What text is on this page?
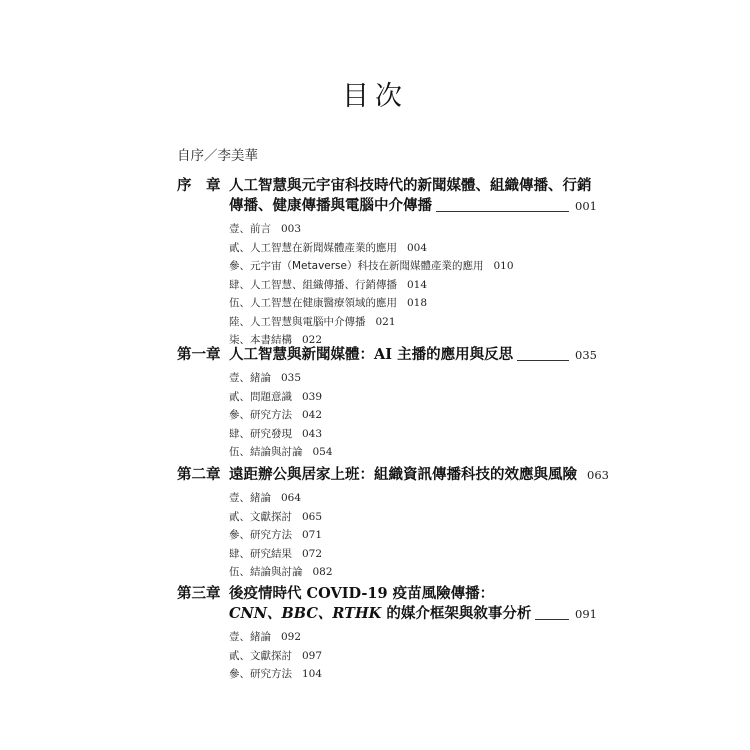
目次
自序／李美華
序　章 人工智慧與元宇宙科技時代的新聞媒體、組織傳播、行銷
傳播、健康傳播與電腦中介傳播	001
壹、前言 003
貳、人工智慧在新聞媒體產業的應用 004
參、元宇宙（Metaverse）科技在新聞媒體產業的應用 010
肆、人工智慧、組織傳播、行銷傳播 014
伍、人工智慧在健康醫療領域的應用 018
陸、人工智慧與電腦中介傳播 021
柒、本書結構 022
第一章 人工智慧與新聞媒體：AI 主播的應用與反思	035
壹、緒論 035
貳、問題意識 039
參、研究方法 042
肆、研究發現 043
伍、結論與討論 054
第二章 遠距辦公與居家上班：組織資訊傳播科技的效應與風險 063
壹、緒論 064
貳、文獻探討 065
參、研究方法 071
肆、研究結果 072
伍、結論與討論 082
第三章 後疫情時代 COVID-19 疫苗風險傳播：
CNN、BBC、RTHK 的媒介框架與敘事分析	091
壹、緒論 092
貳、文獻探討 097
參、研究方法 104
